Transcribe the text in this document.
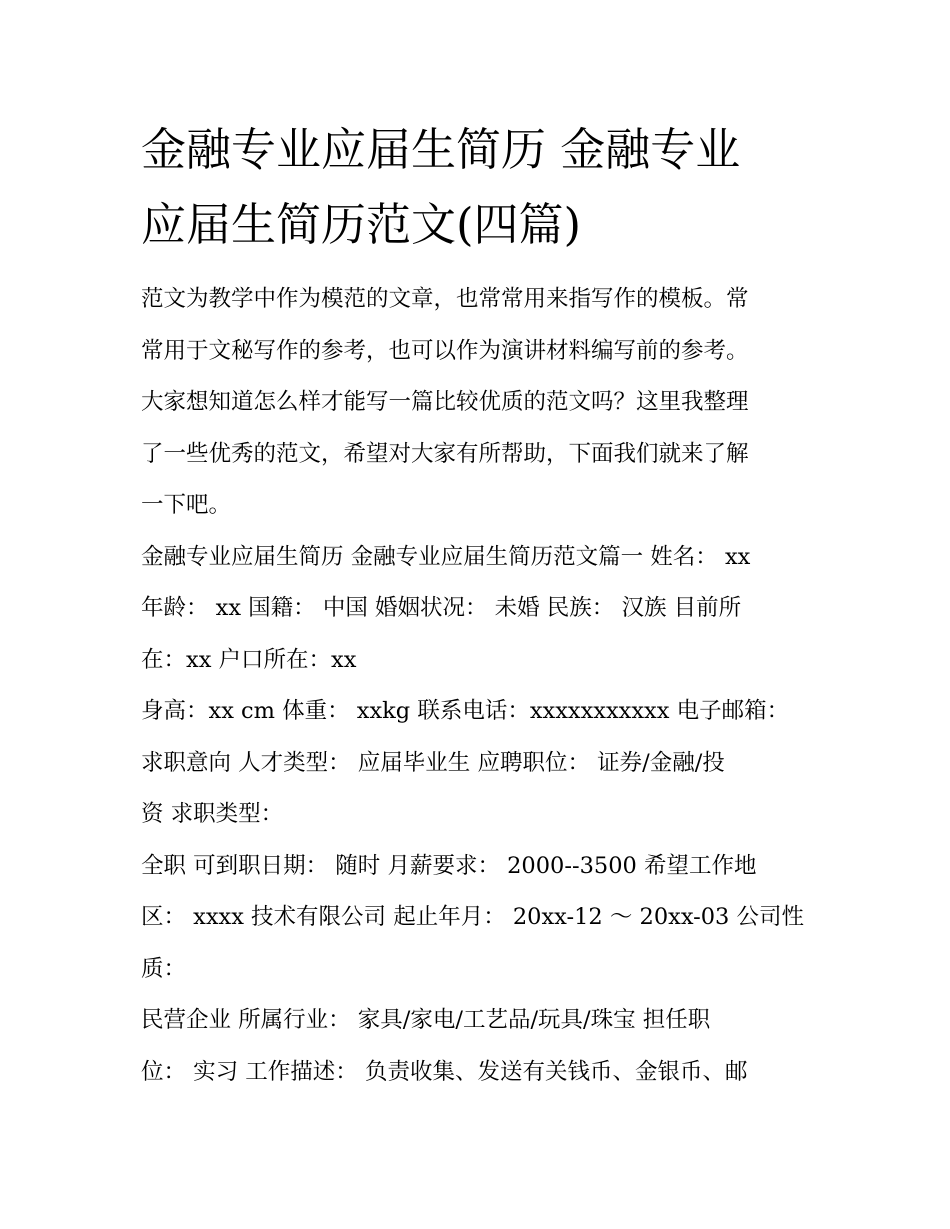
金融专业应届生简历 金融专业
应届生简历范文(四篇)

范文为教学中作为模范的文章，也常常用来指写作的模板。常
常用于文秘写作的参考，也可以作为演讲材料编写前的参考。
大家想知道怎么样才能写一篇比较优质的范文吗？这里我整理
了一些优秀的范文，希望对大家有所帮助，下面我们就来了解
一下吧。

金融专业应届生简历 金融专业应届生简历范文篇一 姓名： xx
年龄： xx 国籍： 中国 婚姻状况： 未婚 民族： 汉族 目前所
在：xx 户口所在：xx

身高：xx cm 体重： xxkg 联系电话：xxxxxxxxxxx 电子邮箱：
求职意向 人才类型： 应届毕业生 应聘职位： 证券/金融/投
资 求职类型：

全职 可到职日期： 随时 月薪要求： 2000--3500 希望工作地
区： xxxx 技术有限公司 起止年月： 20xx-12 ～ 20xx-03 公司性
质：

民营企业 所属行业： 家具/家电/工艺品/玩具/珠宝 担任职
位： 实习 工作描述： 负责收集、发送有关钱币、金银币、邮
